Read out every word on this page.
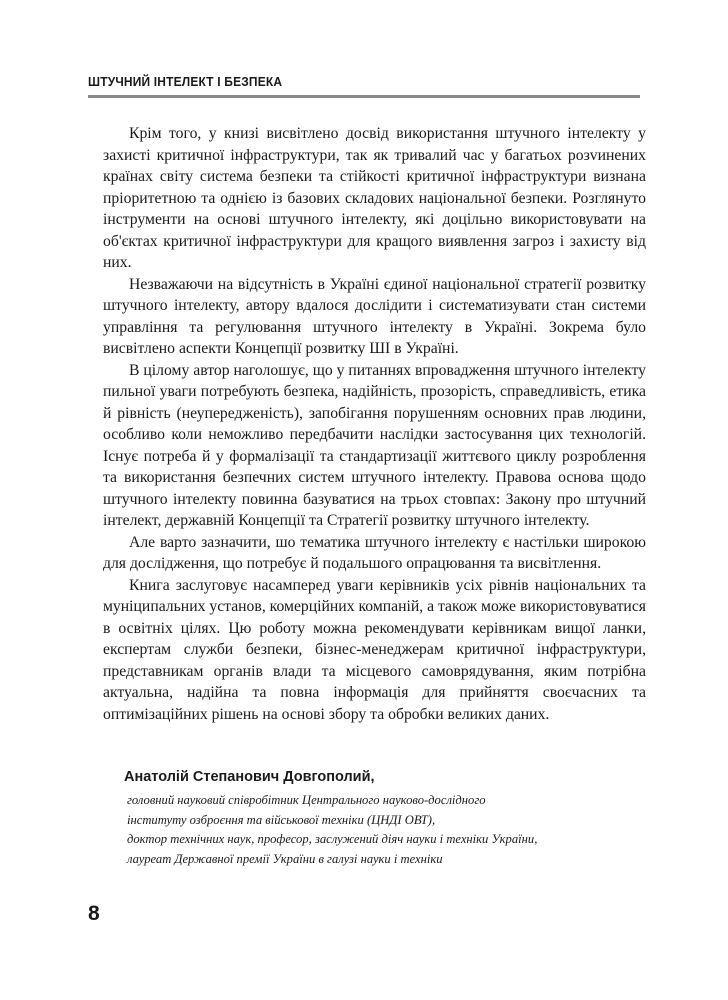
ШТУЧНИЙ ІНТЕЛЕКТ І БЕЗПЕКА

Крім того, у книзі висвітлено досвід використання штучного інтелекту у захисті критичної інфраструктури, так як тривалий час у багатьох розvинених країнах світу система безпеки та стійкості критичної інфраструктури визнана пріоритетною та однією із базових складових національної безпеки. Розглянуто інструменти на основі штучного інтелекту, які доцільно використовувати на об'єктах критичної інфраструктури для кращого виявлення загроз і захисту від них.

Незважаючи на відсутність в Україні єдиної національної стратегії розвитку штучного інтелекту, автору вдалося дослідити і систематизувати стан системи управління та регулювання штучного інтелекту в Україні. Зокрема було висвітлено аспекти Концепції розвитку ШІ в Україні.

В цілому автор наголошує, що у питаннях впровадження штучного інтелекту пильної уваги потребують безпека, надійність, прозорість, справедливість, етика й рівність (неупередженість), запобігання порушенням основних прав людини, особливо коли неможливо передбачити наслідки застосування цих технологій. Існує потреба й у формалізації та стандартизації життєвого циклу розроблення та використання безпечних систем штучного інтелекту. Правова основа щодо штучного інтелекту повинна базуватися на трьох стовпах: Закону про штучний інтелект, державній Концепції та Стратегії розвитку штучного інтелекту.

Але варто зазначити, шо тематика штучного інтелекту є настільки широкою для дослідження, що потребує й подальшого опрацювання та висвітлення.

Книга заслуговує насамперед уваги керівників усіх рівнів національних та муніципальних установ, комерційних компаній, а також може використовуватися в освітніх цілях. Цю роботу можна рекомендувати керівникам вищої ланки, експертам служби безпеки, бізнес-менеджерам критичної інфраструктури, представникам органів влади та місцевого самоврядування, яким потрібна актуальна, надійна та повна інформація для прийняття своєчасних та оптимізаційних рішень на основі збору та обробки великих даних.

Анатолій Степанович Довгополий,

головний науковий співробітник Центрального науково-дослідного

інституту озброєння та військової техніки (ЦНДІ ОВТ),

доктор технічних наук, професор, заслужений діяч науки і техніки України,

лауреат Державної премії України в галузі науки і техніки

8
